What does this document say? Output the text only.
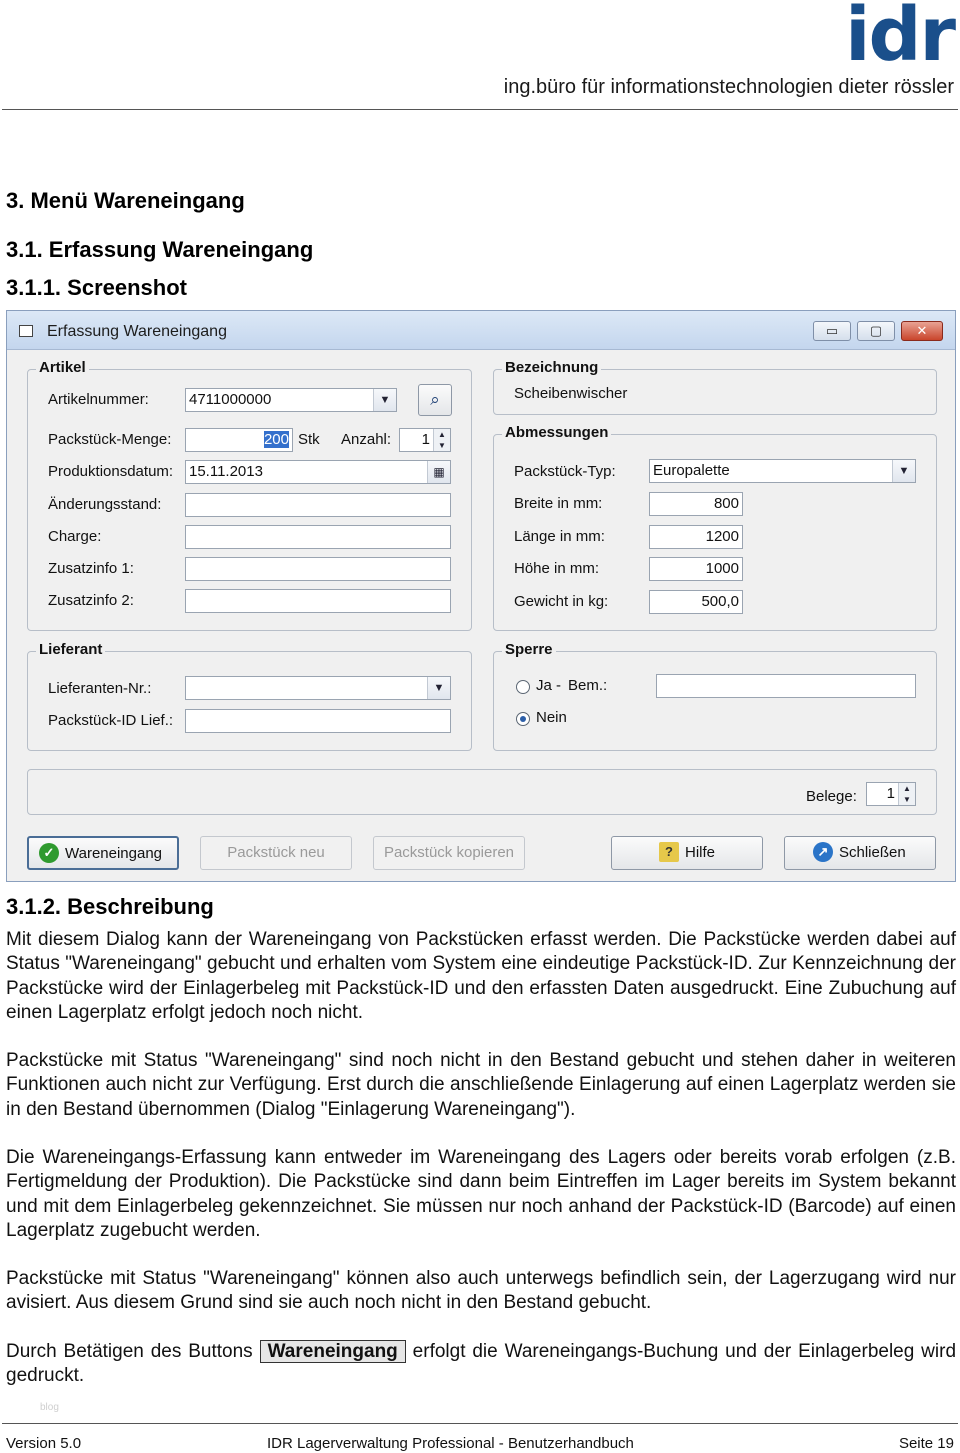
idr
ing.büro für informationstechnologien dieter rössler
3. Menü Wareneingang
3.1. Erfassung Wareneingang
3.1.1. Screenshot
Erfassung Wareneingang	▭	▢	✕
Artikel
Artikelnummer:	4711000000	▼	⌕
Packstück-Menge:	200 Stk Anzahl:	1	▲
▼
Produktionsdatum: 15.11.2013	▦
Änderungsstand:
Charge:
Zusatzinfo 1:
Zusatzinfo 2:
Bezeichnung
Scheibenwischer
Abmessungen
Packstück-Typ: Europalette	▼
Breite in mm:	800
Länge in mm:	1200
Höhe in mm:	1000
Gewicht in kg:	500,0
Lieferant
Lieferanten-Nr.:	▼
Packstück-ID Lief.:
Sperre
Ja - Bem.:
Nein
Belege:	1	▲
▼
✓ Wareneingang	Packstück neu	Packstück kopieren	? Hilfe	↗ Schließen
3.1.2. Beschreibung
Mit diesem Dialog kann der Wareneingang von Packstücken erfasst werden. Die Packstücke werden dabei auf Status "Wareneingang" gebucht und erhalten vom System eine eindeutige Packstück-ID. Zur Kennzeichnung der Packstücke wird der Einlagerbeleg mit Packstück-ID und den erfassten Daten ausgedruckt. Eine Zubuchung auf einen Lagerplatz erfolgt jedoch noch nicht.
Packstücke mit Status "Wareneingang" sind noch nicht in den Bestand gebucht und stehen daher in weiteren Funktionen auch nicht zur Verfügung. Erst durch die anschließende Einlagerung auf einen Lagerplatz werden sie in den Bestand übernommen (Dialog "Einlagerung Wareneingang").
Die Wareneingangs-Erfassung kann entweder im Wareneingang des Lagers oder bereits vorab erfolgen (z.B. Fertigmeldung der Produktion). Die Packstücke sind dann beim Eintreffen im Lager bereits im System bekannt und mit dem Einlagerbeleg gekennzeichnet. Sie müssen nur noch anhand der Packstück-ID (Barcode) auf einen Lagerplatz zugebucht werden.
Packstücke mit Status "Wareneingang" können also auch unterwegs befindlich sein, der Lagerzugang wird nur avisiert. Aus diesem Grund sind sie auch noch nicht in den Bestand gebucht.
Durch Betätigen des Buttons Wareneingang erfolgt die Wareneingangs-Buchung und der Einlagerbeleg wird gedruckt.
blog
Version 5.0	IDR Lagerverwaltung Professional - Benutzerhandbuch	Seite 19
